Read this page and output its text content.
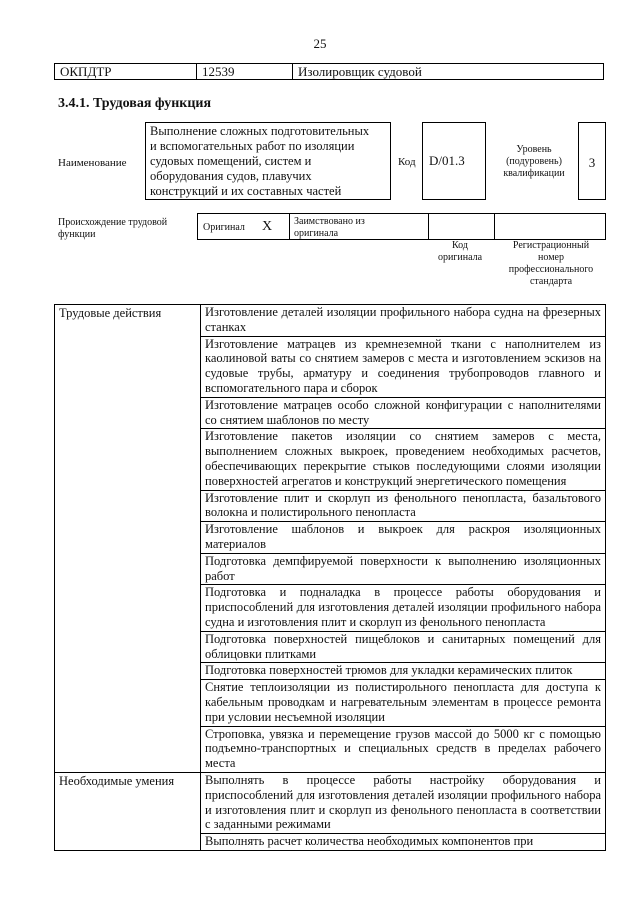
25
ОКПДТР	12539	Изолировщик судовой
3.4.1. Трудовая функция
Наименование
Выполнение сложных подготовительных
и вспомогательных работ по изоляции
судовых помещений, систем и
оборудования судов, плавучих
конструкций и их составных частей
Код	D/01.3
Уровень
(подуровень)
квалификации
3
Происхождение трудовой
функции
Оригинал X Заимствовано из
оригинала
Код
оригинала
Регистрационный
номер
профессионального
стандарта
Трудовые действия	Изготовление деталей изоляции профильного набора судна на фрезерных станках
	Изготовление матрацев из кремнеземной ткани с наполнителем из каолиновой ваты со снятием замеров с места и изготовлением эскизов на судовые трубы, арматуру и соединения трубопроводов главного и вспомогательного пара и сборок
	Изготовление матрацев особо сложной конфигурации с наполнителями со снятием шаблонов по месту
	Изготовление пакетов изоляции со снятием замеров с места, выполнением сложных выкроек, проведением необходимых расчетов, обеспечивающих перекрытие стыков последующими слоями изоляции поверхностей агрегатов и конструкций энергетического помещения
	Изготовление плит и скорлуп из фенольного пенопласта, базальтового волокна и полистирольного пенопласта
	Изготовление шаблонов и выкроек для раскроя изоляционных материалов
	Подготовка демпфируемой поверхности к выполнению изоляционных работ
	Подготовка и подналадка в процессе работы оборудования и приспособлений для изготовления деталей изоляции профильного набора судна и изготовления плит и скорлуп из фенольного пенопласта
	Подготовка поверхностей пищеблоков и санитарных помещений для облицовки плитками
	Подготовка поверхностей трюмов для укладки керамических плиток
	Снятие теплоизоляции из полистирольного пенопласта для доступа к кабельным проводкам и нагревательным элементам в процессе ремонта при условии несъемной изоляции
	Строповка, увязка и перемещение грузов массой до 5000 кг с помощью подъемно-транспортных и специальных средств в пределах рабочего места
Необходимые умения	Выполнять в процессе работы настройку оборудования и приспособлений для изготовления деталей изоляции профильного набора и изготовления плит и скорлуп из фенольного пенопласта в соответствии с заданными режимами
	Выполнять расчет количества необходимых компонентов при
